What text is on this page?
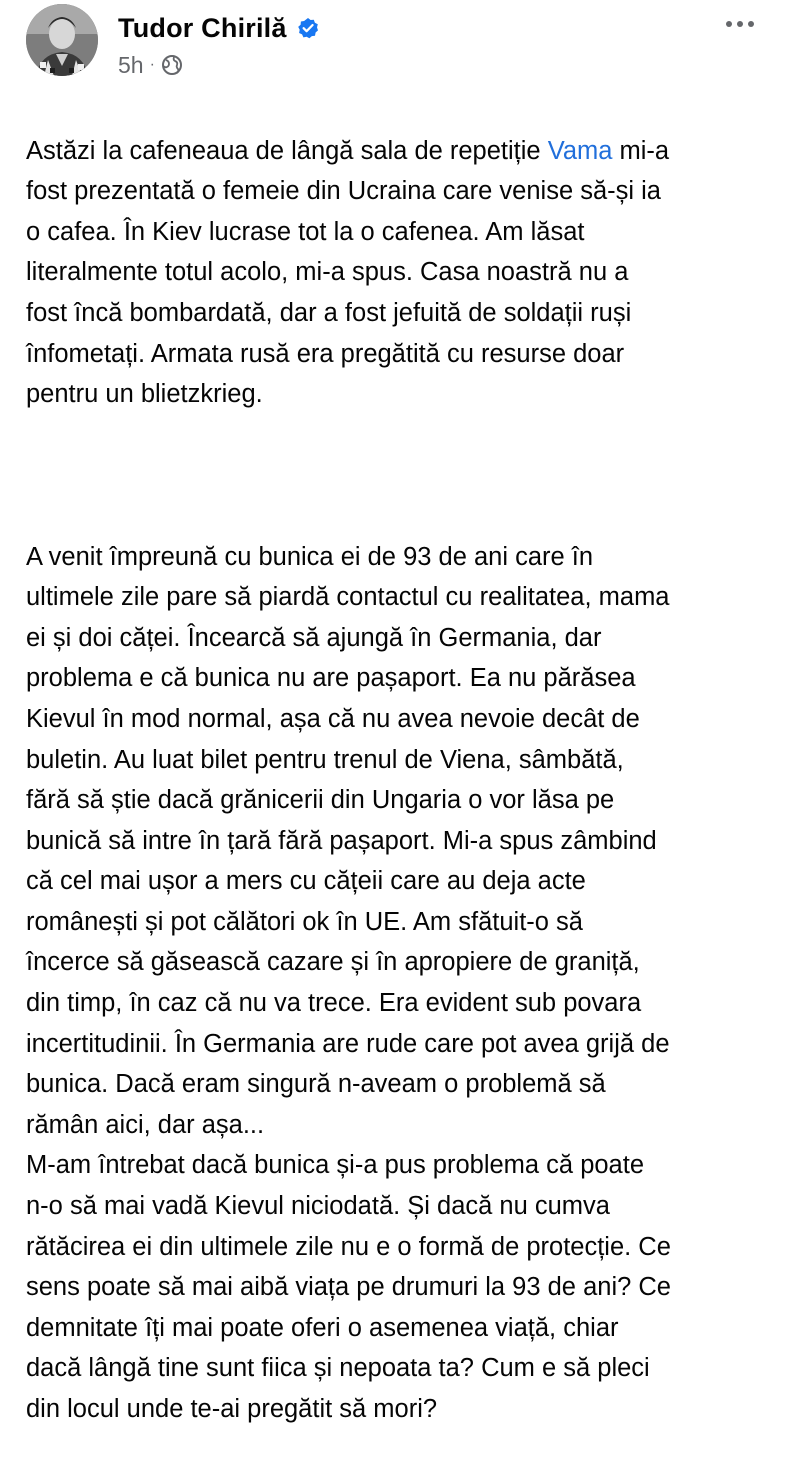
Tudor Chirilă
5h ·

Astăzi la cafeneaua de lângă sala de repetiție Vama mi-a
fost prezentată o femeie din Ucraina care venise să-și ia
o cafea. În Kiev lucrase tot la o cafenea. Am lăsat
literalmente totul acolo, mi-a spus. Casa noastră nu a
fost încă bombardată, dar a fost jefuită de soldații ruși
înfometați. Armata rusă era pregătită cu resurse doar
pentru un blietzkrieg.

A venit împreună cu bunica ei de 93 de ani care în
ultimele zile pare să piardă contactul cu realitatea, mama
ei și doi căței. Încearcă să ajungă în Germania, dar
problema e că bunica nu are pașaport. Ea nu părăsea
Kievul în mod normal, așa că nu avea nevoie decât de
buletin. Au luat bilet pentru trenul de Viena, sâmbătă,
fără să știe dacă grănicerii din Ungaria o vor lăsa pe
bunică să intre în țară fără pașaport. Mi-a spus zâmbind
că cel mai ușor a mers cu cățeii care au deja acte
românești și pot călători ok în UE. Am sfătuit-o să
încerce să găsească cazare și în apropiere de graniță,
din timp, în caz că nu va trece. Era evident sub povara
incertitudinii. În Germania are rude care pot avea grijă de
bunica. Dacă eram singură n-aveam o problemă să
rămân aici, dar așa...
M-am întrebat dacă bunica și-a pus problema că poate
n-o să mai vadă Kievul niciodată. Și dacă nu cumva
rătăcirea ei din ultimele zile nu e o formă de protecție. Ce
sens poate să mai aibă viața pe drumuri la 93 de ani? Ce
demnitate îți mai poate oferi o asemenea viață, chiar
dacă lângă tine sunt fiica și nepoata ta? Cum e să pleci
din locul unde te-ai pregătit să mori?
